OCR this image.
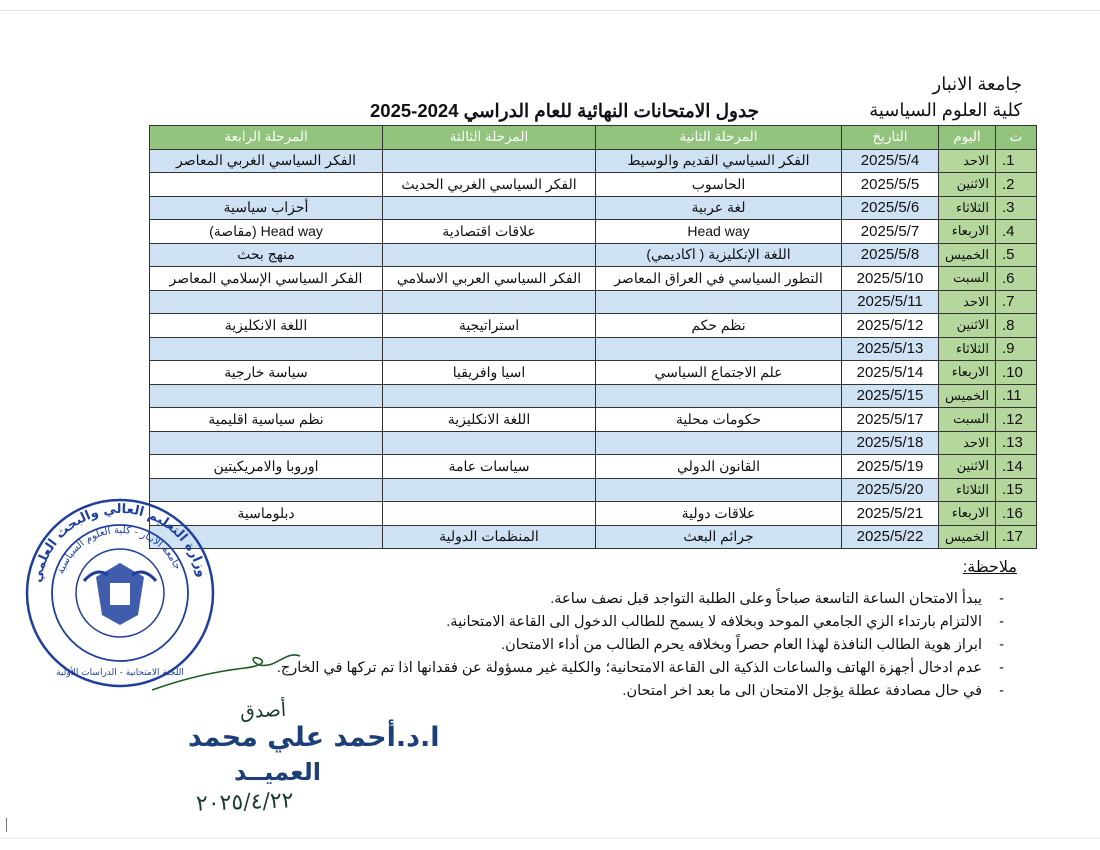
جامعة الانبار
كلية العلوم السياسية
جدول الامتحانات النهائية للعام الدراسي 2024-2025
ت	اليوم	التاريخ	المرحلة الثانية	المرحلة الثالثة	المرحلة الرابعة
1.	الاحد	2025/5/4	الفكر السياسي القديم والوسيط		الفكر السياسي الغربي المعاصر
2.	الاثنين	2025/5/5	الحاسوب	الفكر السياسي الغربي الحديث	
3.	الثلاثاء	2025/5/6	لغة عربية		أحزاب سياسية
4.	الاربعاء	2025/5/7	Head way	علاقات اقتصادية	Head way (مقاصة)
5.	الخميس	2025/5/8	اللغة الإنكليزية ( اكاديمي)		منهج بحث
6.	السبت	2025/5/10	التطور السياسي في العراق المعاصر	الفكر السياسي العربي الاسلامي	الفكر السياسي الإسلامي المعاصر
7.	الاحد	2025/5/11			
8.	الاثنين	2025/5/12	نظم حكم	استراتيجية	اللغة الانكليزية
9.	الثلاثاء	2025/5/13			
10.	الاربعاء	2025/5/14	علم الاجتماع السياسي	اسيا وافريقيا	سياسة خارجية
11.	الخميس	2025/5/15			
12.	السبت	2025/5/17	حكومات محلية	اللغة الانكليزية	نظم سياسية اقليمية
13.	الاحد	2025/5/18			
14.	الاثنين	2025/5/19	القانون الدولي	سياسات عامة	اوروبا والامريكيتين
15.	الثلاثاء	2025/5/20			
16.	الاربعاء	2025/5/21	علاقات دولية		دبلوماسية
17.	الخميس	2025/5/22	جرائم البعث	المنظمات الدولية	
ملاحظة:
- يبدأ الامتحان الساعة التاسعة صباحاً وعلى الطلبة التواجد قبل نصف ساعة.
- الالتزام بارتداء الزي الجامعي الموحد وبخلافه لا يسمح للطالب الدخول الى القاعة الامتحانية.
- ابراز هوية الطالب النافذة لهذا العام حصراً وبخلافه يحرم الطالب من أداء الامتحان.
- عدم ادخال أجهزة الهاتف والساعات الذكية الى القاعة الامتحانية؛ والكلية غير مسؤولة عن فقدانها اذا تم تركها في الخارج.
- في حال مصادفة عطلة يؤجل الامتحان الى ما بعد اخر امتحان.
وزارة التعليم العالي والبحث العلمي
جامعة الانبار - كلية العلوم السياسية
اللجنة الامتحانية - الدراسات الأولية
أصدق
ا.د.أحمد علي محمد
العميــد
٢٠٢٥/٤/٢٢
